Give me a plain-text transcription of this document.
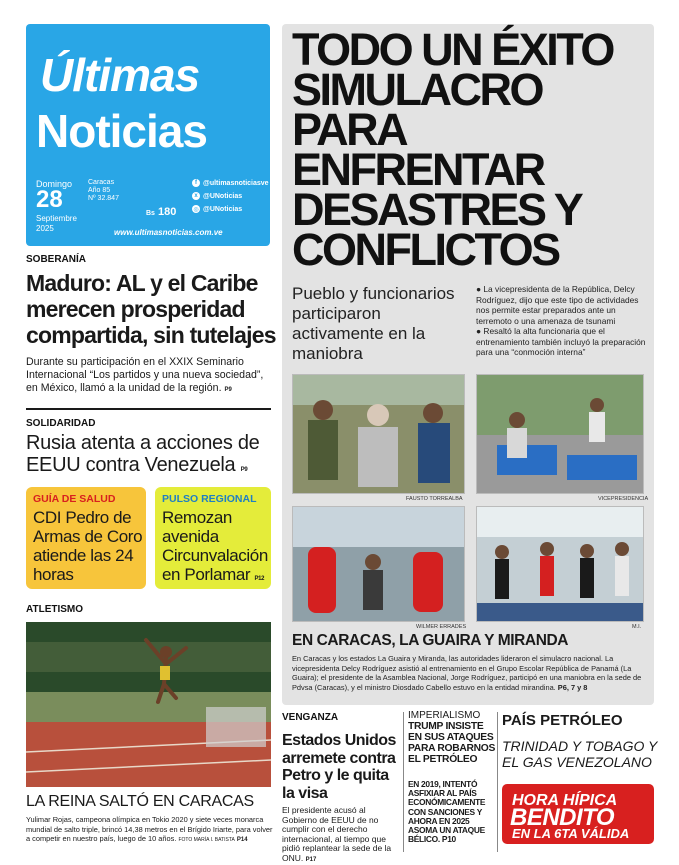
Últimas
Noticias
Domingo
28
Septiembre
2025
Caracas
Año 85
Nº 32.847
Bs 180
f @ultimasnoticiasve
x @UNoticias
◎ @UNoticias
www.ultimasnoticias.com.ve
SOBERANÍA
Maduro: AL y el Caribe merecen prosperidad compartida, sin tutelajes
Durante su participación en el XXIX Seminario Internacional “Los partidos y una nueva sociedad”, en México, llamó a la unidad de la región. P9
SOLIDARIDAD
Rusia atenta a acciones de EEUU contra Venezuela P9
GUÍA DE SALUD
CDI Pedro de Armas de Coro atiende las 24 horas
PULSO REGIONAL
Remozan avenida Circunvalación en Porlamar P12
ATLETISMO
LA REINA SALTÓ EN CARACAS
Yulimar Rojas, campeona olímpica en Tokio 2020 y siete veces monarca mundial de salto triple, brincó 14,38 metros en el Brígido Iriarte, para volver a competir en nuestro país, luego de 10 años. FOTO MARÍA I. BATISTA P14
TODO UN ÉXITO SIMULACRO PARA ENFRENTAR DESASTRES Y CONFLICTOS
Pueblo y funcionarios participaron activamente en la maniobra
● La vicepresidenta de la República, Delcy Rodríguez, dijo que este tipo de actividades nos permite estar preparados ante un terremoto o una amenaza de tsunami
● Resaltó la alta funcionaria que el entrenamiento también incluyó la preparación para una “conmoción interna”
FAUSTO TORREALBA	VICEPRESIDENCIA
WILMER ERRADES	M.I.
EN CARACAS, LA GUAIRA Y MIRANDA
En Caracas y los estados La Guaira y Miranda, las autoridades lideraron el simulacro nacional. La vicepresidenta Delcy Rodríguez asistió al entrenamiento en el Grupo Escolar República de Panamá (La Guaira); el presidente de la Asamblea Nacional, Jorge Rodríguez, participó en una maniobra en la sede de Pdvsa (Caracas), y el ministro Diosdado Cabello estuvo en la entidad mirandina. P6, 7 y 8
VENGANZA
Estados Unidos arremete contra Petro y le quita la visa
El presidente acusó al Gobierno de EEUU de no cumplir con el derecho internacional, al tiempo que pidió replantear la sede de la ONU. P17
IMPERIALISMO
TRUMP INSISTE EN SUS ATAQUES PARA ROBARNOS EL PETRÓLEO
EN 2019, INTENTÓ ASFIXIAR AL PAÍS ECONÓMICAMENTE CON SANCIONES Y AHORA EN 2025 ASOMA UN ATAQUE BÉLICO. P10
PAÍS PETRÓLEO
TRINIDAD Y TOBAGO Y EL GAS VENEZOLANO
HORA HÍPICA
BENDITO
EN LA 6TA VÁLIDA
